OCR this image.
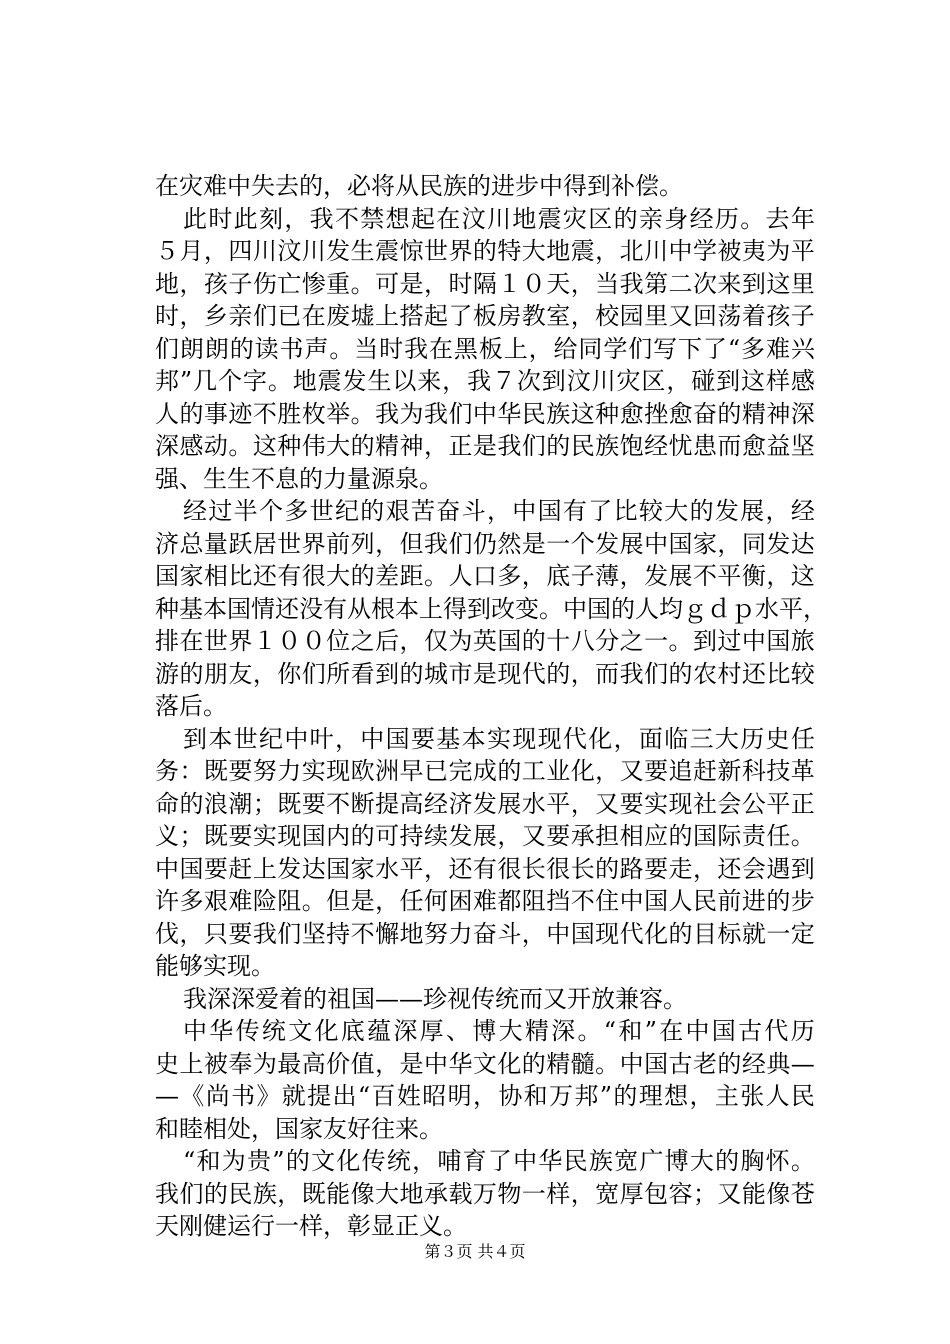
在灾难中失去的，必将从民族的进步中得到补偿。
此 时 此 刻 ， 我 不 禁 想 起 在 汶 川 地 震 灾 区 的 亲 身 经 历 。 去 年
５ 月 ， 四 川 汶 川 发 生 震 惊 世 界 的 特 大 地 震 ， 北 川 中 学 被 夷 为 平
地 ， 孩 子 伤 亡 惨 重 。 可 是 ， 时 隔 １ ０ 天 ， 当 我 第 二 次 来 到 这 里
时 ， 乡 亲 们 已 在 废 墟 上 搭 起 了 板 房 教 室 ， 校 园 里 又 回 荡 着 孩 子
们 朗 朗 的 读 书 声 。 当 时 我 在 黑 板 上 ， 给 同 学 们 写 下 了 “ 多 难 兴
邦 ” 几 个 字 。 地 震 发 生 以 来 ， 我 ７ 次 到 汶 川 灾 区 ， 碰 到 这 样 感
人 的 事 迹 不 胜 枚 举 。 我 为 我 们 中 华 民 族 这 种 愈 挫 愈 奋 的 精 神 深
深 感 动 。 这 种 伟 大 的 精 神 ， 正 是 我 们 的 民 族 饱 经 忧 患 而 愈 益 坚
强、生生不息的力量源泉。
经 过 半 个 多 世 纪 的 艰 苦 奋 斗 ， 中 国 有 了 比 较 大 的 发 展 ， 经
济 总 量 跃 居 世 界 前 列 ， 但 我 们 仍 然 是 一 个 发 展 中 国 家 ， 同 发 达
国 家 相 比 还 有 很 大 的 差 距 。 人 口 多 ， 底 子 薄 ， 发 展 不 平 衡 ， 这
种 基 本 国 情 还 没 有 从 根 本 上 得 到 改 变 。 中 国 的 人 均 ｇ ｄ ｐ 水 平 ，
排 在 世 界 １ ０ ０ 位 之 后 ， 仅 为 英 国 的 十 八 分 之 一 。 到 过 中 国 旅
游 的 朋 友 ， 你 们 所 看 到 的 城 市 是 现 代 的 ， 而 我 们 的 农 村 还 比 较
落后。
到 本 世 纪 中 叶 ， 中 国 要 基 本 实 现 现 代 化 ， 面 临 三 大 历 史 任
务 ： 既 要 努 力 实 现 欧 洲 早 已 完 成 的 工 业 化 ， 又 要 追 赶 新 科 技 革
命 的 浪 潮 ； 既 要 不 断 提 高 经 济 发 展 水 平 ， 又 要 实 现 社 会 公 平 正
义 ； 既 要 实 现 国 内 的 可 持 续 发 展 ， 又 要 承 担 相 应 的 国 际 责 任 。
中 国 要 赶 上 发 达 国 家 水 平 ， 还 有 很 长 很 长 的 路 要 走 ， 还 会 遇 到
许 多 艰 难 险 阻 。 但 是 ， 任 何 困 难 都 阻 挡 不 住 中 国 人 民 前 进 的 步
伐 ， 只 要 我 们 坚 持 不 懈 地 努 力 奋 斗 ， 中 国 现 代 化 的 目 标 就 一 定
能够实现。
我深深爱着的祖国——珍视传统而又开放兼容。
中 华 传 统 文 化 底 蕴 深 厚 、 博 大 精 深 。 “ 和 ” 在 中 国 古 代 历
史 上 被 奉 为 最 高 价 值 ， 是 中 华 文 化 的 精 髓 。 中 国 古 老 的 经 典 —
— 《 尚 书 》 就 提 出 “ 百 姓 昭 明 ， 协 和 万 邦 ” 的 理 想 ， 主 张 人 民
和睦相处，国家友好往来。
“ 和 为 贵 ” 的 文 化 传 统 ， 哺 育 了 中 华 民 族 宽 广 博 大 的 胸 怀 。
我 们 的 民 族 ， 既 能 像 大 地 承 载 万 物 一 样 ， 宽 厚 包 容 ； 又 能 像 苍
天刚健运行一样，彰显正义。
第３页 共４页
